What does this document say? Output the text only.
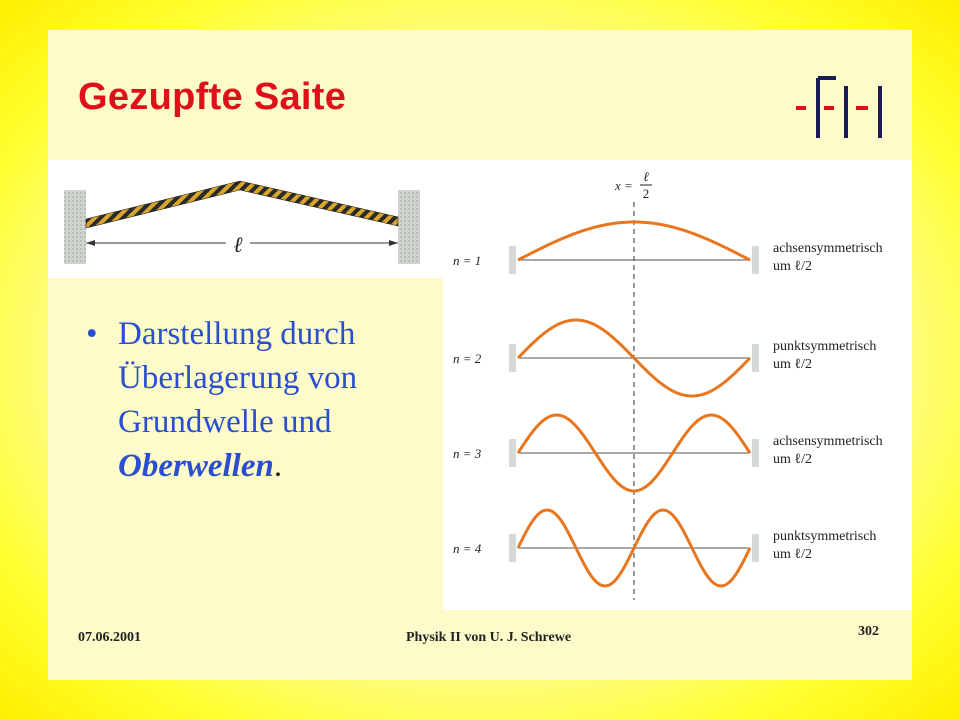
Gezupfte Saite
ℓ
x =
ℓ
2
n = 1
achsensymmetrisch
um ℓ/2
n = 2
punktsymmetrisch
um ℓ/2
n = 3
achsensymmetrisch
um ℓ/2
n = 4
punktsymmetrisch
um ℓ/2
• Darstellung durch Überlagerung von Grundwelle und Oberwellen.
07.06.2001	Physik II von U. J. Schrewe	302
